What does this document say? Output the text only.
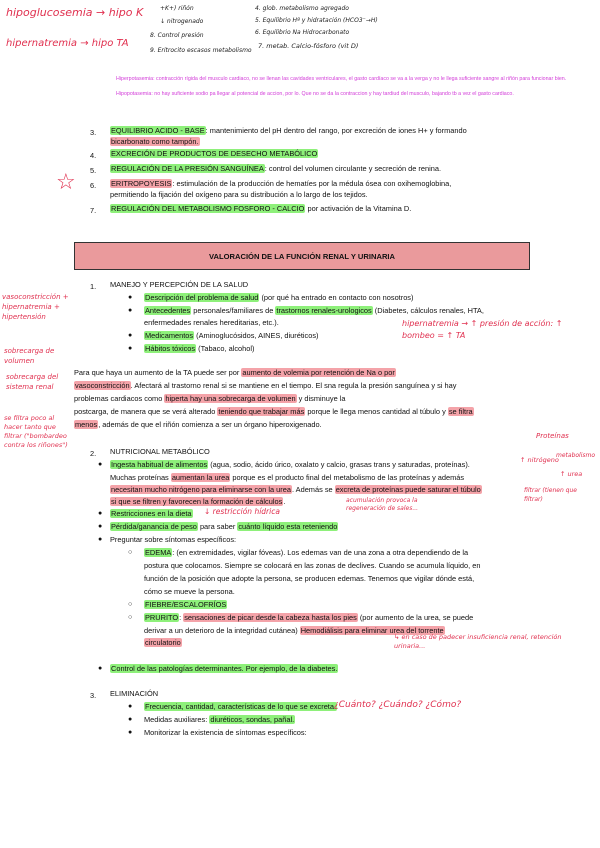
hipoglucosemia → hipo K
hipernatremia → hipo TA
+K+) riñón
↓ nitrogenado
8. Control presión
9. Eritrocito escasos metabolismo
4. glob. metabolismo agregado
5. Equilibrio Hº y hidratación (HCO3⁻→H)
6. Equilibrio Na Hidrocarbonato
7. metab. Calcio-fósforo (vit D)
Hiperpotasemia: contracción rígida del musculo cardiaco, no se llenan las cavidades ventriculares, el gasto cardíaco se va a la verga y no le llega suficiente sangre al riñón para funcionar bien.
Hipopotasemia: no hay suficiente sodio pa llegar al potencial de accion, por lo. Que no se da la contraccion y hay tardiud del musculo, bajando tb a vez el gasto cardiaco.
3. EQUILIBRIO ACIDO - BASE: mantenimiento del pH dentro del rango, por excreción de iones H+ y formando
bicarbonato como tampón.
4. EXCRECIÓN DE PRODUCTOS DE DESECHO METABÓLICO
5. REGULACIÓN DE LA PRESIÓN SANGUÍNEA: control del volumen circulante y secreción de renina.
☆ 6. ERITROPOYESIS: estimulación de la producción de hematíes por la médula ósea con oxihemoglobina,
permitiendo la fijación del oxígeno para su distribución a lo largo de los tejidos.
7. REGULACIÓN DEL METABOLISMO FOSFORO - CALCIO por activación de la Vitamina D.
VALORACIÓN DE LA FUNCIÓN RENAL Y URINARIA
vasoconstricción + hipernatremia + hipertensión
sobrecarga de volumen
sobrecarga del sistema renal
se filtra poco al hacer tanto que filtrar ("bombardeo contra los riñones")
1. MANEJO Y PERCEPCIÓN DE LA SALUD
● Descripción del problema de salud (por qué ha entrado en contacto con nosotros)
● Antecedentes personales/familiares de trastornos renales-urologicos (Diabetes, cálculos renales, HTA,
enfermedades renales hereditarias, etc.).
● Medicamentos (Aminoglucósidos, AINES, diuréticos)
● Hábitos tóxicos (Tabaco, alcohol)
hipernatremia → ↑ presión de acción: ↑ bombeo = ↑ TA
Para que haya un aumento de la TA puede ser por aumento de volemia por retención de Na o por
vasoconstricción. Afectará al trastorno renal si se mantiene en el tiempo. El sna regula la presión sanguínea y si hay
problemas cardiacos como hiperta hay una sobrecarga de volumen y disminuye la
postcarga, de manera que se verá alterado teniendo que trabajar más porque le llega menos cantidad al túbulo y se filtra
menos, además de que el riñón comienza a ser un órgano hiperoxigenado.
Proteínas
↑ nitrógeno
metabolismo
↑ urea
filtrar (tienen que filtrar)
2. NUTRICIONAL METABÓLICO
● Ingesta habitual de alimentos (agua, sodio, ácido úrico, oxalato y calcio, grasas trans y saturadas, proteínas).
Muchas proteínas aumentan la urea porque es el producto final del metabolismo de las proteínas y además
necesitan mucho nitrógeno para eliminarse con la urea. Además se excreta de proteínas puede saturar el túbulo
si que se filtren y favorecen la formación de cálculos.
● Restricciones en la dieta ↓ restricción hídrica
acumulación provoca la regeneración de sales...
● Pérdida/ganancia de peso para saber cuánto líquido esta reteniendo
● Preguntar sobre síntomas específicos:
○ EDEMA: (en extremidades, vigilar fóveas). Los edemas van de una zona a otra dependiendo de la
postura que colocamos. Siempre se colocará en las zonas de declives. Cuando se acumula líquido, en
función de la posición que adopte la persona, se producen edemas. Tenemos que vigilar dónde está,
cómo se mueve la persona.
○ FIEBRE/ESCALOFRÍOS
○ PRURITO: sensaciones de picar desde la cabeza hasta los pies (por aumento de la urea, se puede
derivar a un deterioro de la integridad cutánea) Hemodiálisis para eliminar urea del torrente
circulatorio
↳ en caso de padecer insuficiencia renal, retención urinaria...
● Control de las patologías determinantes. Por ejemplo, de la diabetes.
3. ELIMINACIÓN
● Frecuencia, cantidad, características de lo que se excreta.
¿Cuánto? ¿Cuándo? ¿Cómo?
● Medidas auxiliares: diuréticos, sondas, pañal.
● Monitorizar la existencia de síntomas específicos:
